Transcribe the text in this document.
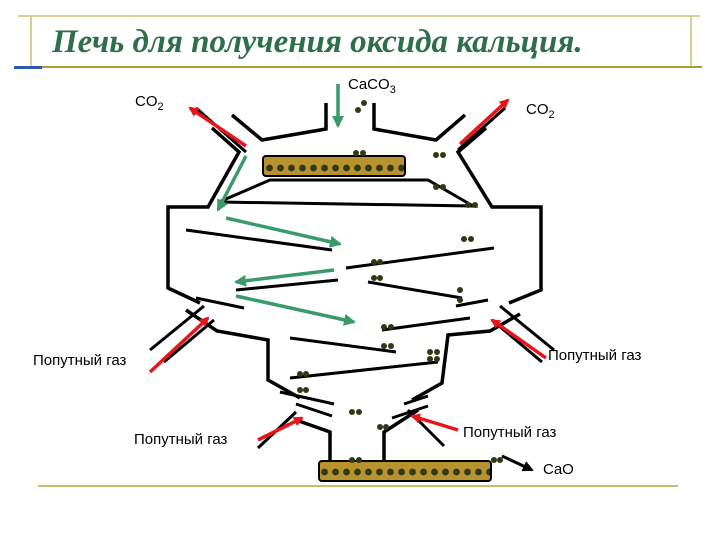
Печь для получения оксида кальция.
CaCO$_3$
$CO_2$	$CO_2$
Попутный газ	Попутный газ
Попутный газ	Попутный газ
CaO
